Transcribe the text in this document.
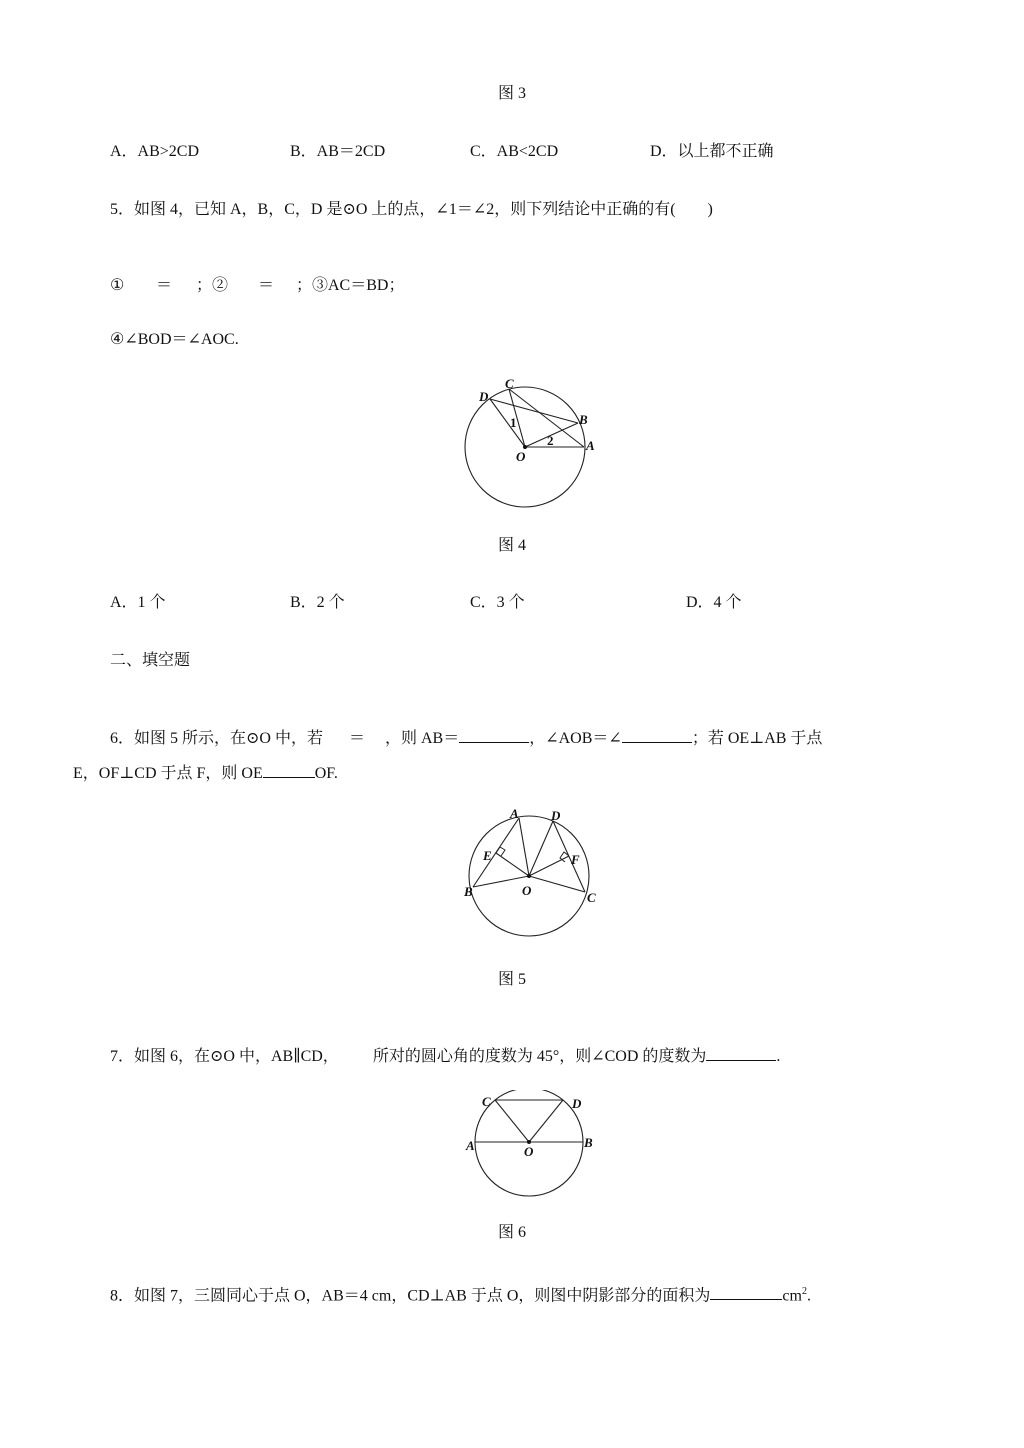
图 3
A．AB>2CD	B．AB＝2CD	C．AB<2CD	D．以上都不正确
5．如图 4，已知 A，B，C，D 是⊙O 上的点，∠1＝∠2，则下列结论中正确的有(　　)
① ＝ ；② ＝ ；③AC＝BD；
④∠BOD＝∠AOC.
D
C
B
A
O
1
2
图 4
A．1 个	B．2 个	C．3 个	D．4 个
二、填空题
6．如图 5 所示，在⊙O 中，若 ＝ ，则 AB＝	，∠AOB＝∠	；若 OE⊥AB 于点
E，OF⊥CD 于点 F，则 OE	OF.
A D
E	F
B	O	C
图 5
7．如图 6，在⊙O 中，AB∥CD， 所对的圆心角的度数为 45°，则∠COD 的度数为	.
C	D
A	B
O
图 6
8．如图 7，三圆同心于点 O，AB＝4 cm，CD⊥AB 于点 O，则图中阴影部分的面积为	$cm^2$.
